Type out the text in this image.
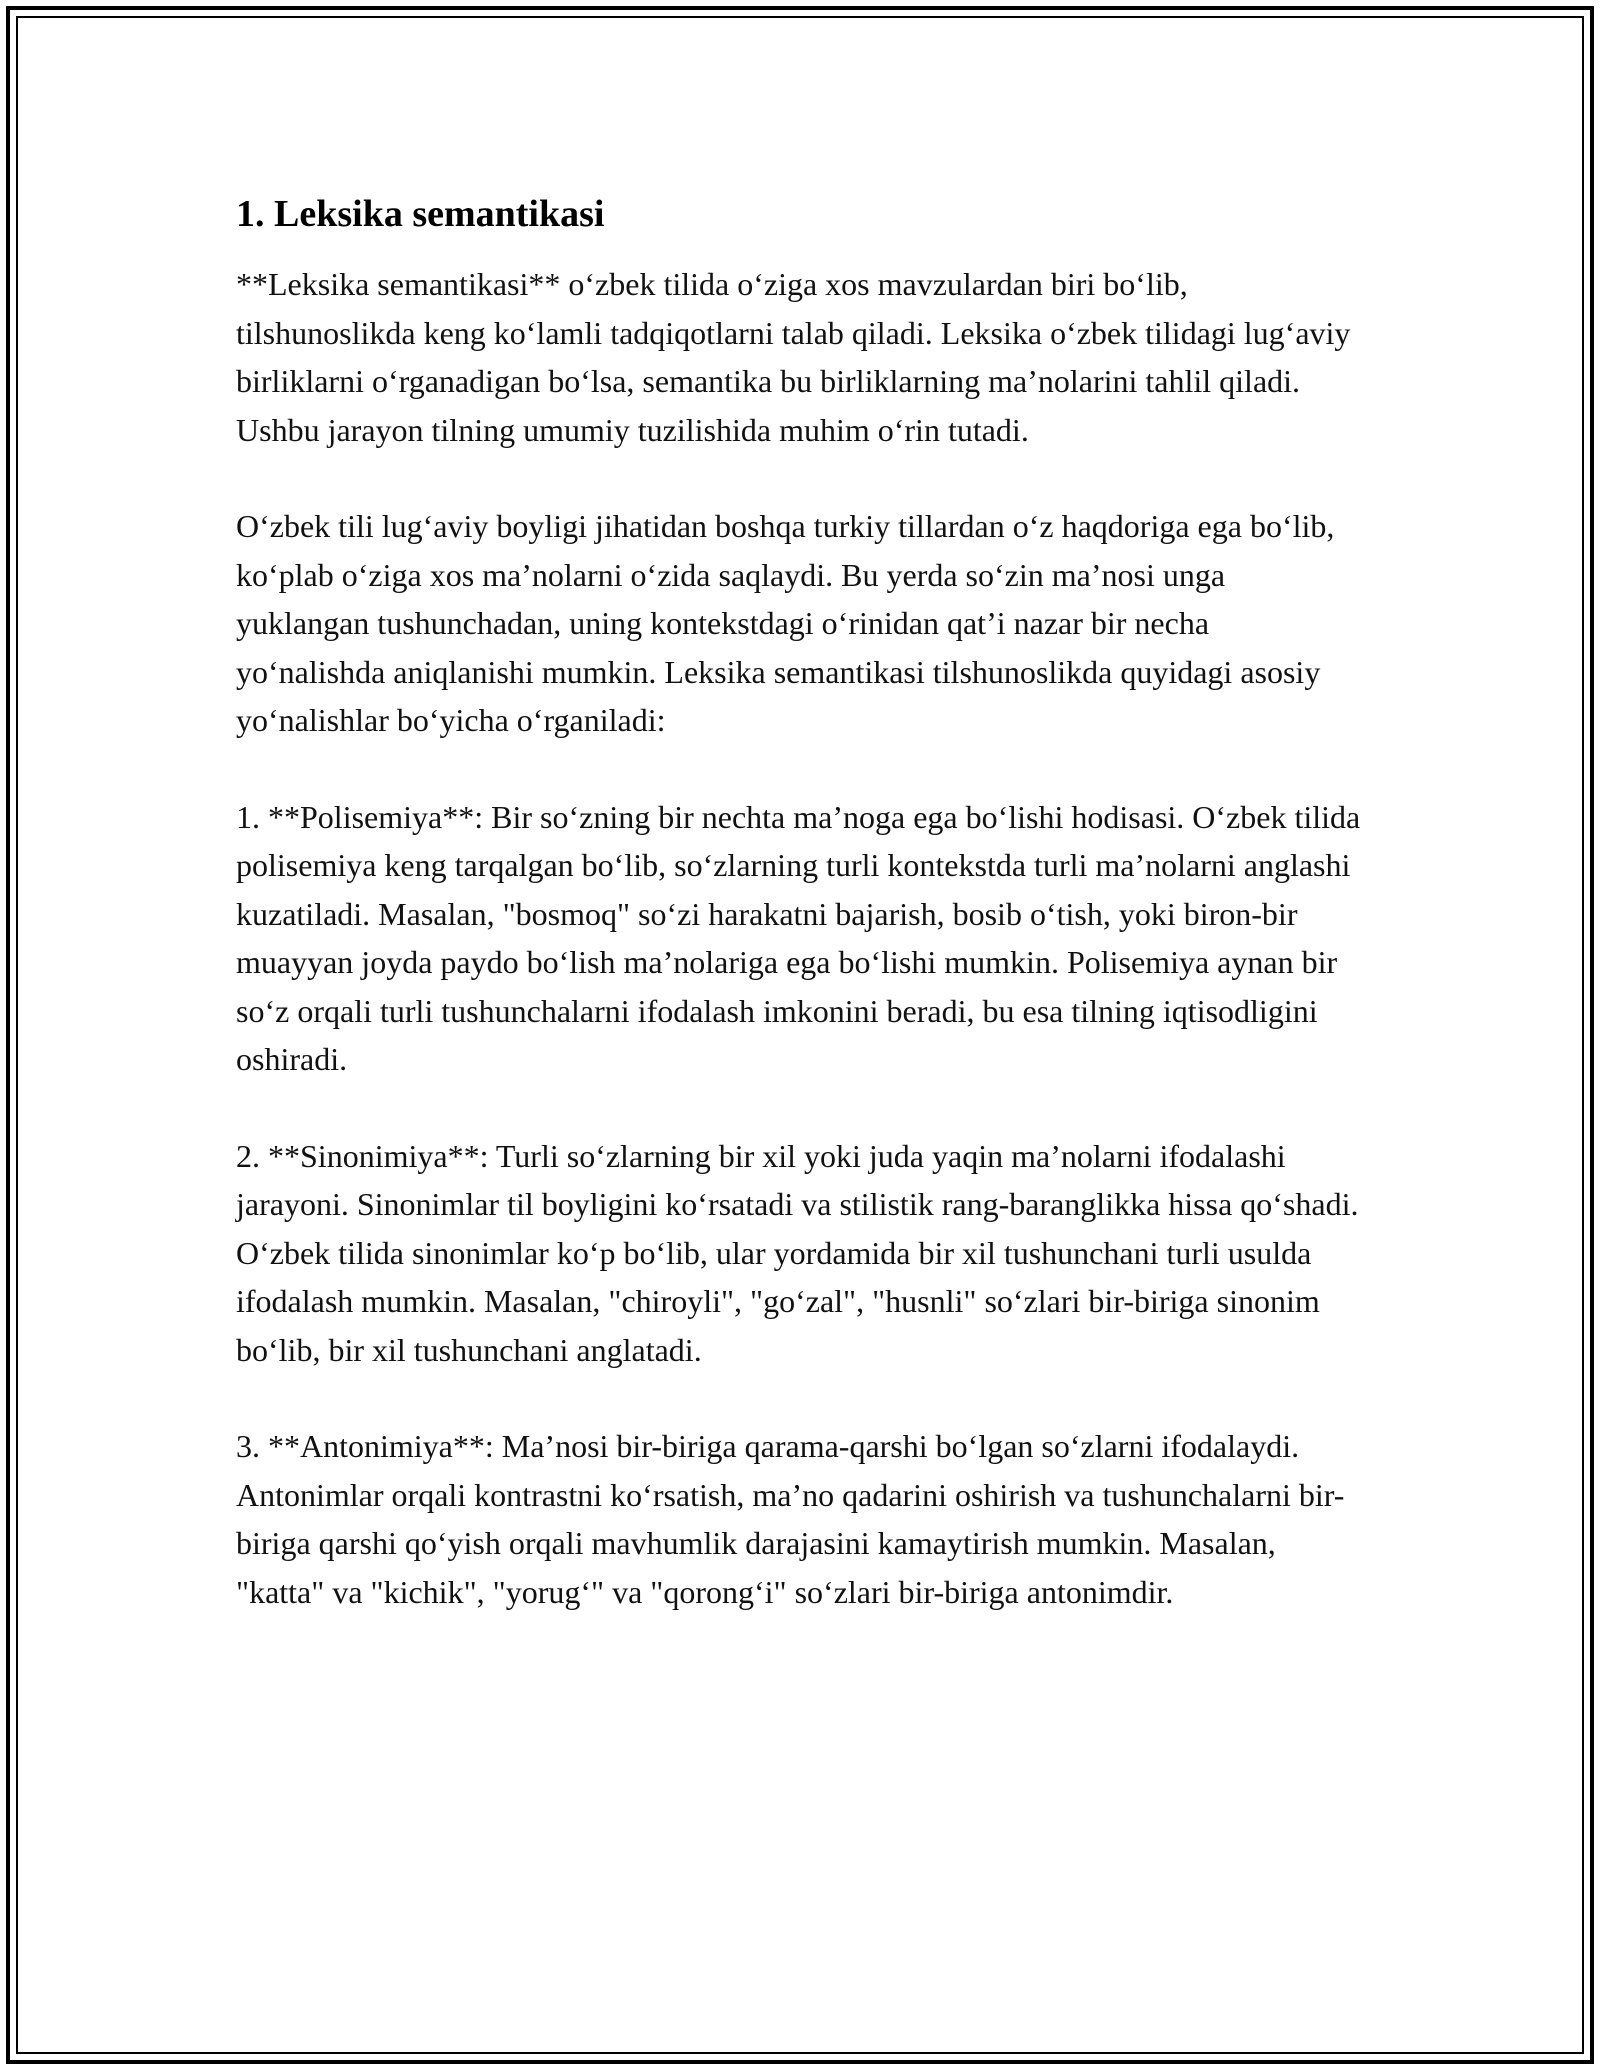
1. Leksika semantikasi

**Leksika semantikasi** o‘zbek tilida o‘ziga xos mavzulardan biri bo‘lib, tilshunoslikda keng ko‘lamli tadqiqotlarni talab qiladi. Leksika o‘zbek tilidagi lug‘aviy birliklarni o‘rganadigan bo‘lsa, semantika bu birliklarning ma’nolarini tahlil qiladi. Ushbu jarayon tilning umumiy tuzilishida muhim o‘rin tutadi.

O‘zbek tili lug‘aviy boyligi jihatidan boshqa turkiy tillardan o‘z haqdoriga ega bo‘lib, ko‘plab o‘ziga xos ma’nolarni o‘zida saqlaydi. Bu yerda so‘zin ma’nosi unga yuklangan tushunchadan, uning kontekstdagi o‘rinidan qat’i nazar bir necha yo‘nalishda aniqlanishi mumkin. Leksika semantikasi tilshunoslikda quyidagi asosiy yo‘nalishlar bo‘yicha o‘rganiladi:

1. **Polisemiya**: Bir so‘zning bir nechta ma’noga ega bo‘lishi hodisasi. O‘zbek tilida polisemiya keng tarqalgan bo‘lib, so‘zlarning turli kontekstda turli ma’nolarni anglashi kuzatiladi. Masalan, "bosmoq" so‘zi harakatni bajarish, bosib o‘tish, yoki biron-bir muayyan joyda paydo bo‘lish ma’nolariga ega bo‘lishi mumkin. Polisemiya aynan bir so‘z orqali turli tushunchalarni ifodalash imkonini beradi, bu esa tilning iqtisodligini oshiradi.

2. **Sinonimiya**: Turli so‘zlarning bir xil yoki juda yaqin ma’nolarni ifodalashi jarayoni. Sinonimlar til boyligini ko‘rsatadi va stilistik rang-baranglikka hissa qo‘shadi. O‘zbek tilida sinonimlar ko‘p bo‘lib, ular yordamida bir xil tushunchani turli usulda ifodalash mumkin. Masalan, "chiroyli", "go‘zal", "husnli" so‘zlari bir-biriga sinonim bo‘lib, bir xil tushunchani anglatadi.

3. **Antonimiya**: Ma’nosi bir-biriga qarama-qarshi bo‘lgan so‘zlarni ifodalaydi. Antonimlar orqali kontrastni ko‘rsatish, ma’no qadarini oshirish va tushunchalarni bir-biriga qarshi qo‘yish orqali mavhumlik darajasini kamaytirish mumkin. Masalan, "katta" va "kichik", "yorug‘" va "qorong‘i" so‘zlari bir-biriga antonimdir.
